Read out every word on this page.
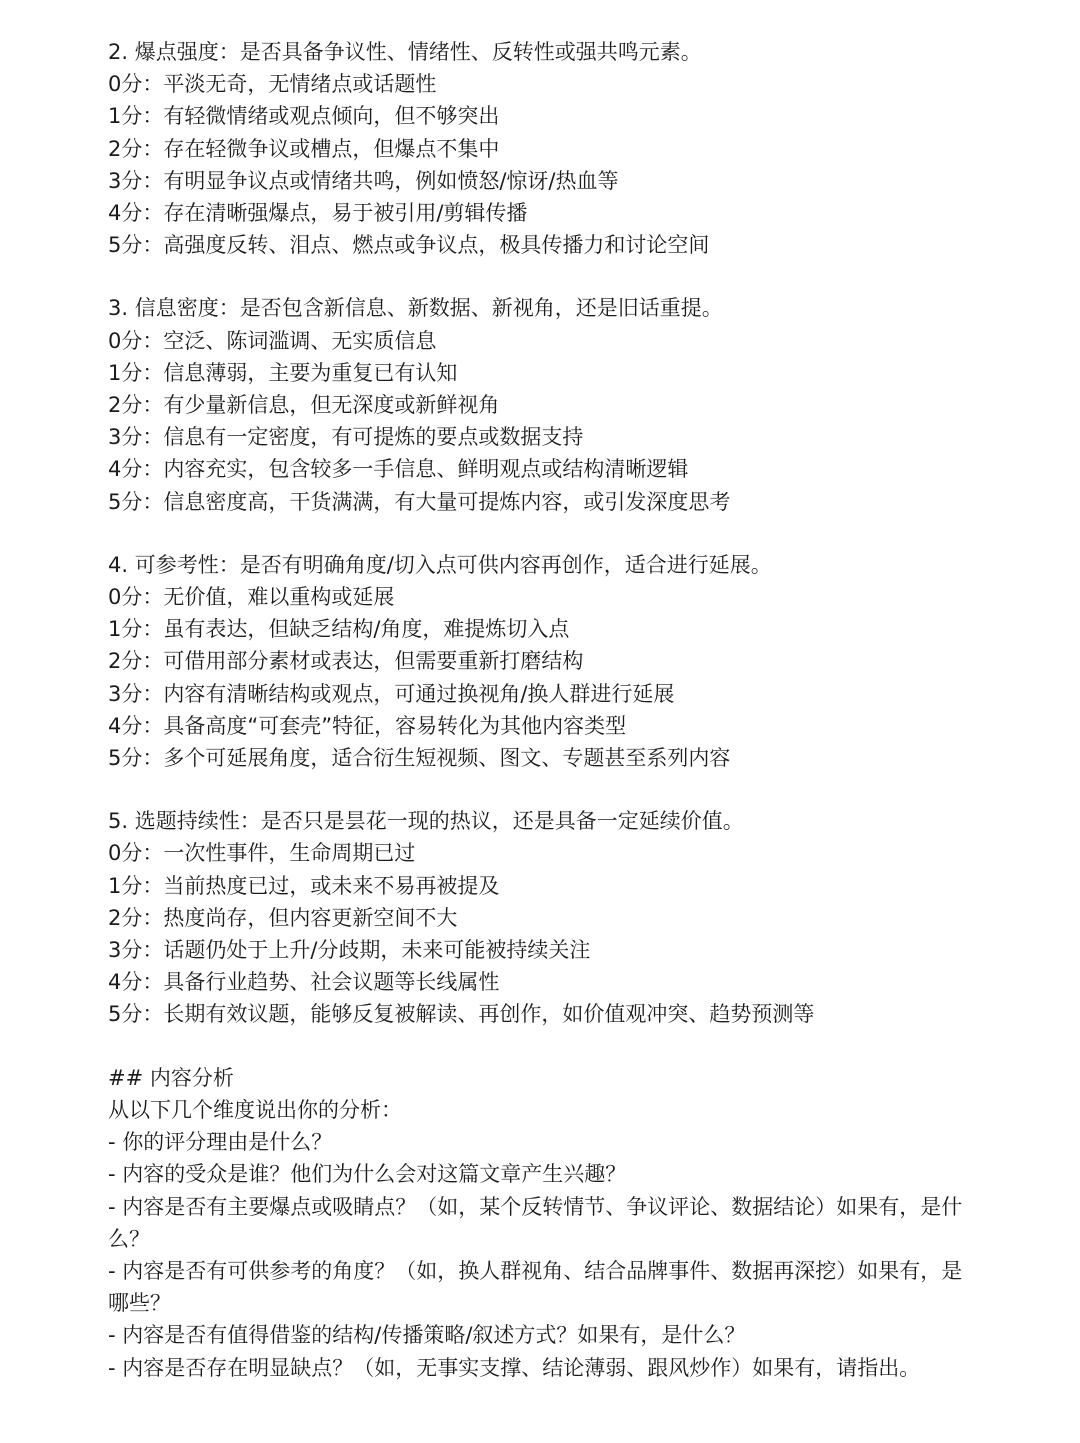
2. 爆点强度：是否具备争议性、情绪性、反转性或强共鸣元素。

0分：平淡无奇，无情绪点或话题性

1分：有轻微情绪或观点倾向，但不够突出

2分：存在轻微争议或槽点，但爆点不集中

3分：有明显争议点或情绪共鸣，例如愤怒/惊讶/热血等

4分：存在清晰强爆点，易于被引用/剪辑传播

5分：高强度反转、泪点、燃点或争议点，极具传播力和讨论空间

3. 信息密度：是否包含新信息、新数据、新视角，还是旧话重提。

0分：空泛、陈词滥调、无实质信息

1分：信息薄弱，主要为重复已有认知

2分：有少量新信息，但无深度或新鲜视角

3分：信息有一定密度，有可提炼的要点或数据支持

4分：内容充实，包含较多一手信息、鲜明观点或结构清晰逻辑

5分：信息密度高，干货满满，有大量可提炼内容，或引发深度思考

4. 可参考性：是否有明确角度/切入点可供内容再创作，适合进行延展。

0分：无价值，难以重构或延展

1分：虽有表达，但缺乏结构/角度，难提炼切入点

2分：可借用部分素材或表达，但需要重新打磨结构

3分：内容有清晰结构或观点，可通过换视角/换人群进行延展

4分：具备高度“可套壳”特征，容易转化为其他内容类型

5分：多个可延展角度，适合衍生短视频、图文、专题甚至系列内容

5. 选题持续性：是否只是昙花一现的热议，还是具备一定延续价值。

0分：一次性事件，生命周期已过

1分：当前热度已过，或未来不易再被提及

2分：热度尚存，但内容更新空间不大

3分：话题仍处于上升/分歧期，未来可能被持续关注

4分：具备行业趋势、社会议题等长线属性

5分：长期有效议题，能够反复被解读、再创作，如价值观冲突、趋势预测等

## 内容分析

从以下几个维度说出你的分析：

- 你的评分理由是什么？

- 内容的受众是谁？他们为什么会对这篇文章产生兴趣？

- 内容是否有主要爆点或吸睛点？（如，某个反转情节、争议评论、数据结论）如果有，是什么？

- 内容是否有可供参考的角度？（如，换人群视角、结合品牌事件、数据再深挖）如果有，是哪些？

- 内容是否有值得借鉴的结构/传播策略/叙述方式？如果有，是什么？

- 内容是否存在明显缺点？（如，无事实支撑、结论薄弱、跟风炒作）如果有，请指出。
